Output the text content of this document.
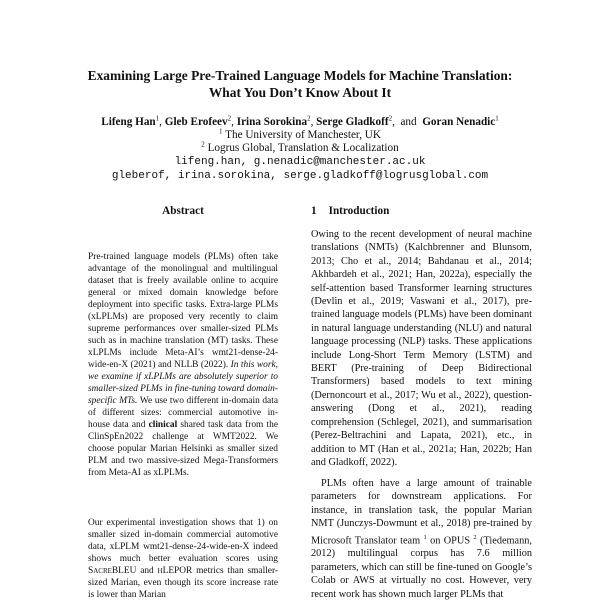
Examining Large Pre-Trained Language Models for Machine Translation:
What You Don’t Know About It
Lifeng Han$^1$, Gleb Erofeev$^2$, Irina Sorokina$^2$, Serge Gladkoff$^2$,  and Goran Nenadic$^1$
$^1$ The University of Manchester, UK
$^2$ Logrus Global, Translation & Localization
lifeng.han, g.nenadic@manchester.ac.uk
gleberof, irina.sorokina, serge.gladkoff@logrusglobal.com
Abstract
Pre-trained language models (PLMs) often take advantage of the monolingual and multilingual dataset that is freely available online to acquire general or mixed domain knowledge before deployment into specific tasks. Extra-large PLMs (xLPLMs) are proposed very recently to claim supreme performances over smaller-sized PLMs such as in machine translation (MT) tasks. These xLPLMs include Meta-AI’s wmt21-dense-24-wide-en-X (2021) and NLLB (2022). In this work, we examine if xLPLMs are absolutely superior to smaller-sized PLMs in fine-tuning toward domain-specific MTs. We use two different in-domain data of different sizes: commercial automotive in-house data and clinical shared task data from the ClinSpEn2022 challenge at WMT2022. We choose popular Marian Helsinki as smaller sized PLM and two massive-sized Mega-Transformers from Meta-AI as xLPLMs.
Our experimental investigation shows that 1) on smaller sized in-domain commercial automotive data, xLPLM wmt21-dense-24-wide-en-X indeed shows much better evaluation scores using SacreBLEU and hLEPOR metrics than smaller-sized Marian, even though its score increase rate is lower than Marian
1 Introduction

Owing to the recent development of neural machine translations (NMTs) (Kalchbrenner and Blunsom, 2013; Cho et al., 2014; Bahdanau et al., 2014; Akhbardeh et al., 2021; Han, 2022a), especially the self-attention based Transformer learning structures (Devlin et al., 2019; Vaswani et al., 2017), pre-trained language models (PLMs) have been dominant in natural language understanding (NLU) and natural language processing (NLP) tasks. These applications include Long-Short Term Memory (LSTM) and BERT (Pre-training of Deep Bidirectional Transformers) based models to text mining (Dernoncourt et al., 2017; Wu et al., 2022), question-answering (Dong et al., 2021), reading comprehension (Schlegel, 2021), and summarisation (Perez-Beltrachini and Lapata, 2021), etc., in addition to MT (Han et al., 2021a; Han, 2022b; Han and Gladkoff, 2022).

PLMs often have a large amount of trainable parameters for downstream applications. For instance, in translation task, the popular Marian NMT (Junczys-Dowmunt et al., 2018) pre-trained by Microsoft Translator team $^1$ on OPUS $^2$ (Tiedemann, 2012) multilingual corpus has 7.6 million parameters, which can still be fine-tuned on Google’s Colab or AWS at virtually no cost. However, very recent work has shown much larger PLMs that
